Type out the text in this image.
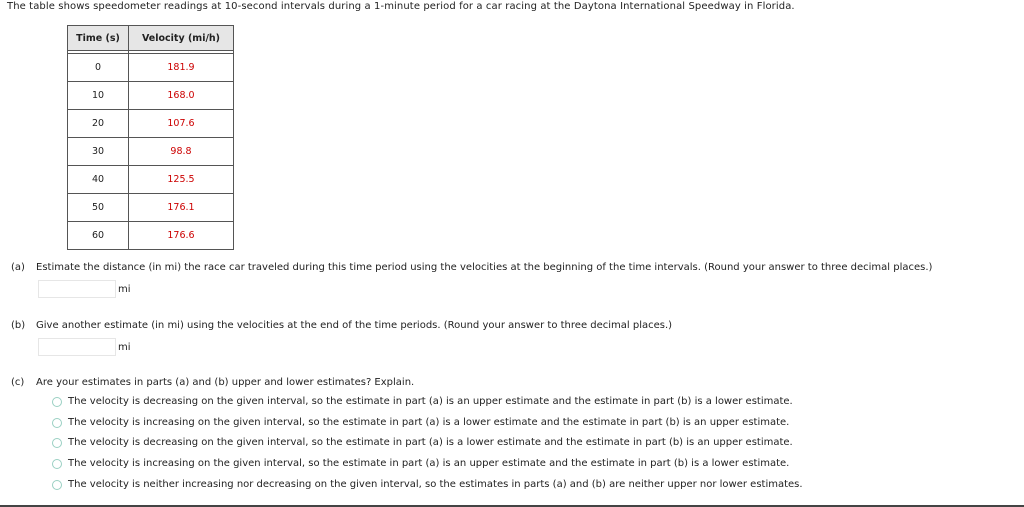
The table shows speedometer readings at 10-second intervals during a 1-minute period for a car racing at the Daytona International Speedway in Florida.
Time (s)	Velocity (mi/h)

0	181.9
10	168.0
20	107.6
30	98.8
40	125.5
50	176.1
60	176.6
(a) Estimate the distance (in mi) the race car traveled during this time period using the velocities at the beginning of the time intervals. (Round your answer to three decimal places.)
mi
(b) Give another estimate (in mi) using the velocities at the end of the time periods. (Round your answer to three decimal places.)
mi
(c) Are your estimates in parts (a) and (b) upper and lower estimates? Explain.
The velocity is decreasing on the given interval, so the estimate in part (a) is an upper estimate and the estimate in part (b) is a lower estimate.
The velocity is increasing on the given interval, so the estimate in part (a) is a lower estimate and the estimate in part (b) is an upper estimate.
The velocity is decreasing on the given interval, so the estimate in part (a) is a lower estimate and the estimate in part (b) is an upper estimate.
The velocity is increasing on the given interval, so the estimate in part (a) is an upper estimate and the estimate in part (b) is a lower estimate.
The velocity is neither increasing nor decreasing on the given interval, so the estimates in parts (a) and (b) are neither upper nor lower estimates.
